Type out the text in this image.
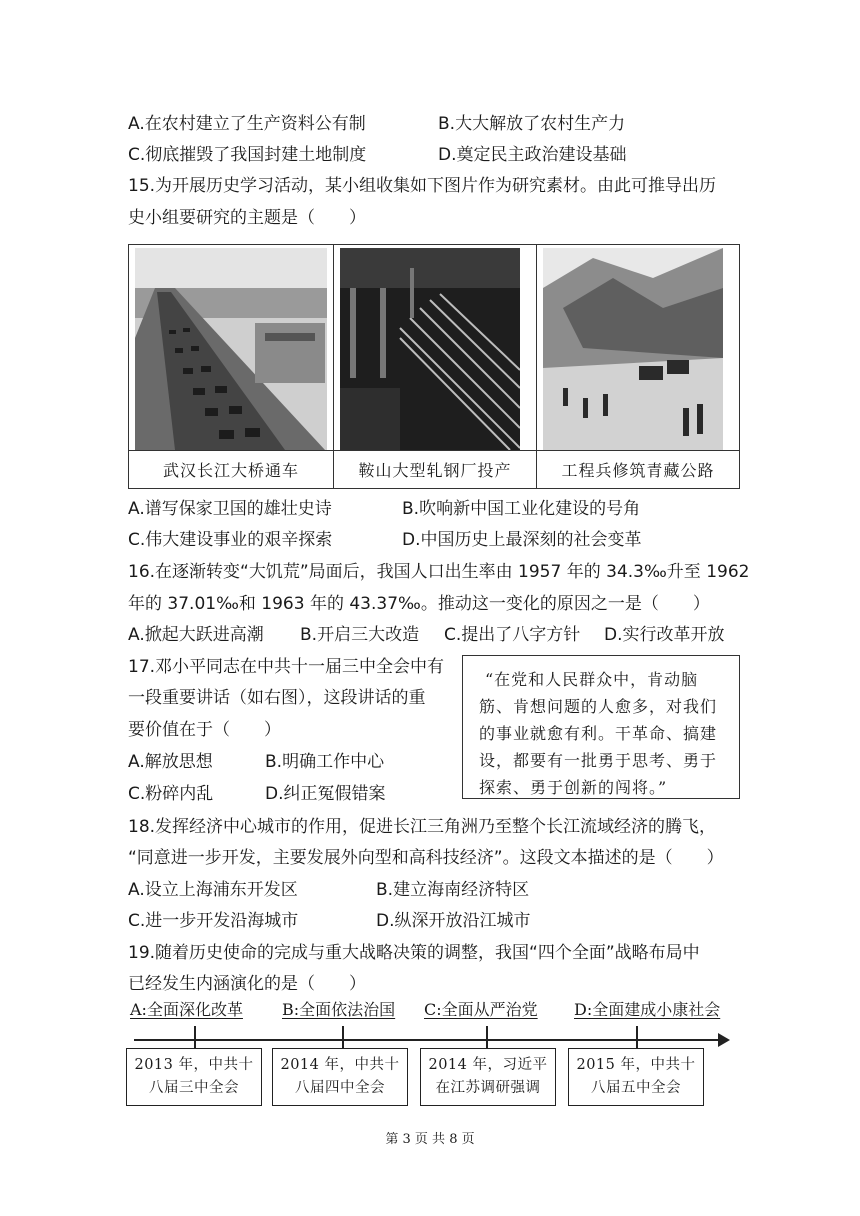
A.在农村建立了生产资料公有制	B.大大解放了农村生产力
C.彻底摧毁了我国封建土地制度	D.奠定民主政治建设基础
15.为开展历史学习活动，某小组收集如下图片作为研究素材。由此可推导出历
史小组要研究的主题是（　　）
武汉长江大桥通车	鞍山大型轧钢厂投产	工程兵修筑青藏公路
A.谱写保家卫国的雄壮史诗	B.吹响新中国工业化建设的号角
C.伟大建设事业的艰辛探索	D.中国历史上最深刻的社会变革
16.在逐渐转变“大饥荒”局面后，我国人口出生率由 1957 年的 34.3‰升至 1962
年的 37.01‰和 1963 年的 43.37‰。推动这一变化的原因之一是（　　）
A.掀起大跃进高潮 B.开启三大改造 C.提出了八字方针 D.实行改革开放
17.邓小平同志在中共十一届三中全会中有
一段重要讲话（如右图），这段讲话的重
要价值在于（　　）
A.解放思想	B.明确工作中心
C.粉碎内乱	D.纠正冤假错案
“在党和人民群众中，肯动脑
筋、肯想问题的人愈多，对我们
的事业就愈有利。干革命、搞建
设，都要有一批勇于思考、勇于
探索、勇于创新的闯将。”
18.发挥经济中心城市的作用，促进长江三角洲乃至整个长江流域经济的腾飞，
“同意进一步开发，主要发展外向型和高科技经济”。这段文本描述的是（　　）
A.设立上海浦东开发区	B.建立海南经济特区
C.进一步开发沿海城市	D.纵深开放沿江城市
19.随着历史使命的完成与重大战略决策的调整，我国“四个全面”战略布局中
已经发生内涵演化的是（　　）
A:全面深化改革 B:全面依法治国 C:全面从严治党 D:全面建成小康社会
2013 年，中共十
八届三中全会
2014 年，中共十
八届四中全会
2014 年，习近平
在江苏调研强调
2015 年，中共十
八届五中全会
第 3 页 共 8 页
